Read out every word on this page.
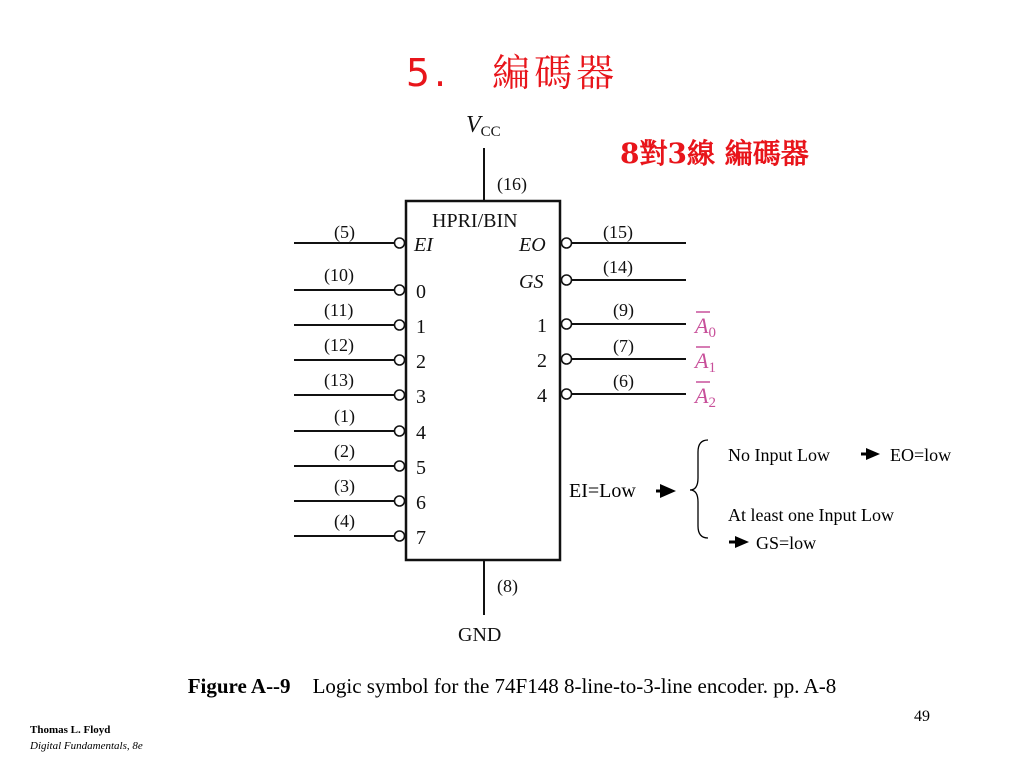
5.　編碼器
8對3線 編碼器
VCC
(16)
HPRI/BIN
(8)
GND
(5)
EI
(10)
0
(11)
1
(12)
2
(13)
3
(1)
4
(2)
5
(3)
6
(4)
7
(15)
EO
(14)
GS
(9)
1
(7)
2
(6)
4
A0
A1
A2
EI=Low
No Input Low	EO=low
At least one Input Low
GS=low
Figure A--9 Logic symbol for the 74F148 8-line-to-3-line encoder. pp. A-8
49
Thomas L. Floyd
Digital Fundamentals, 8e
